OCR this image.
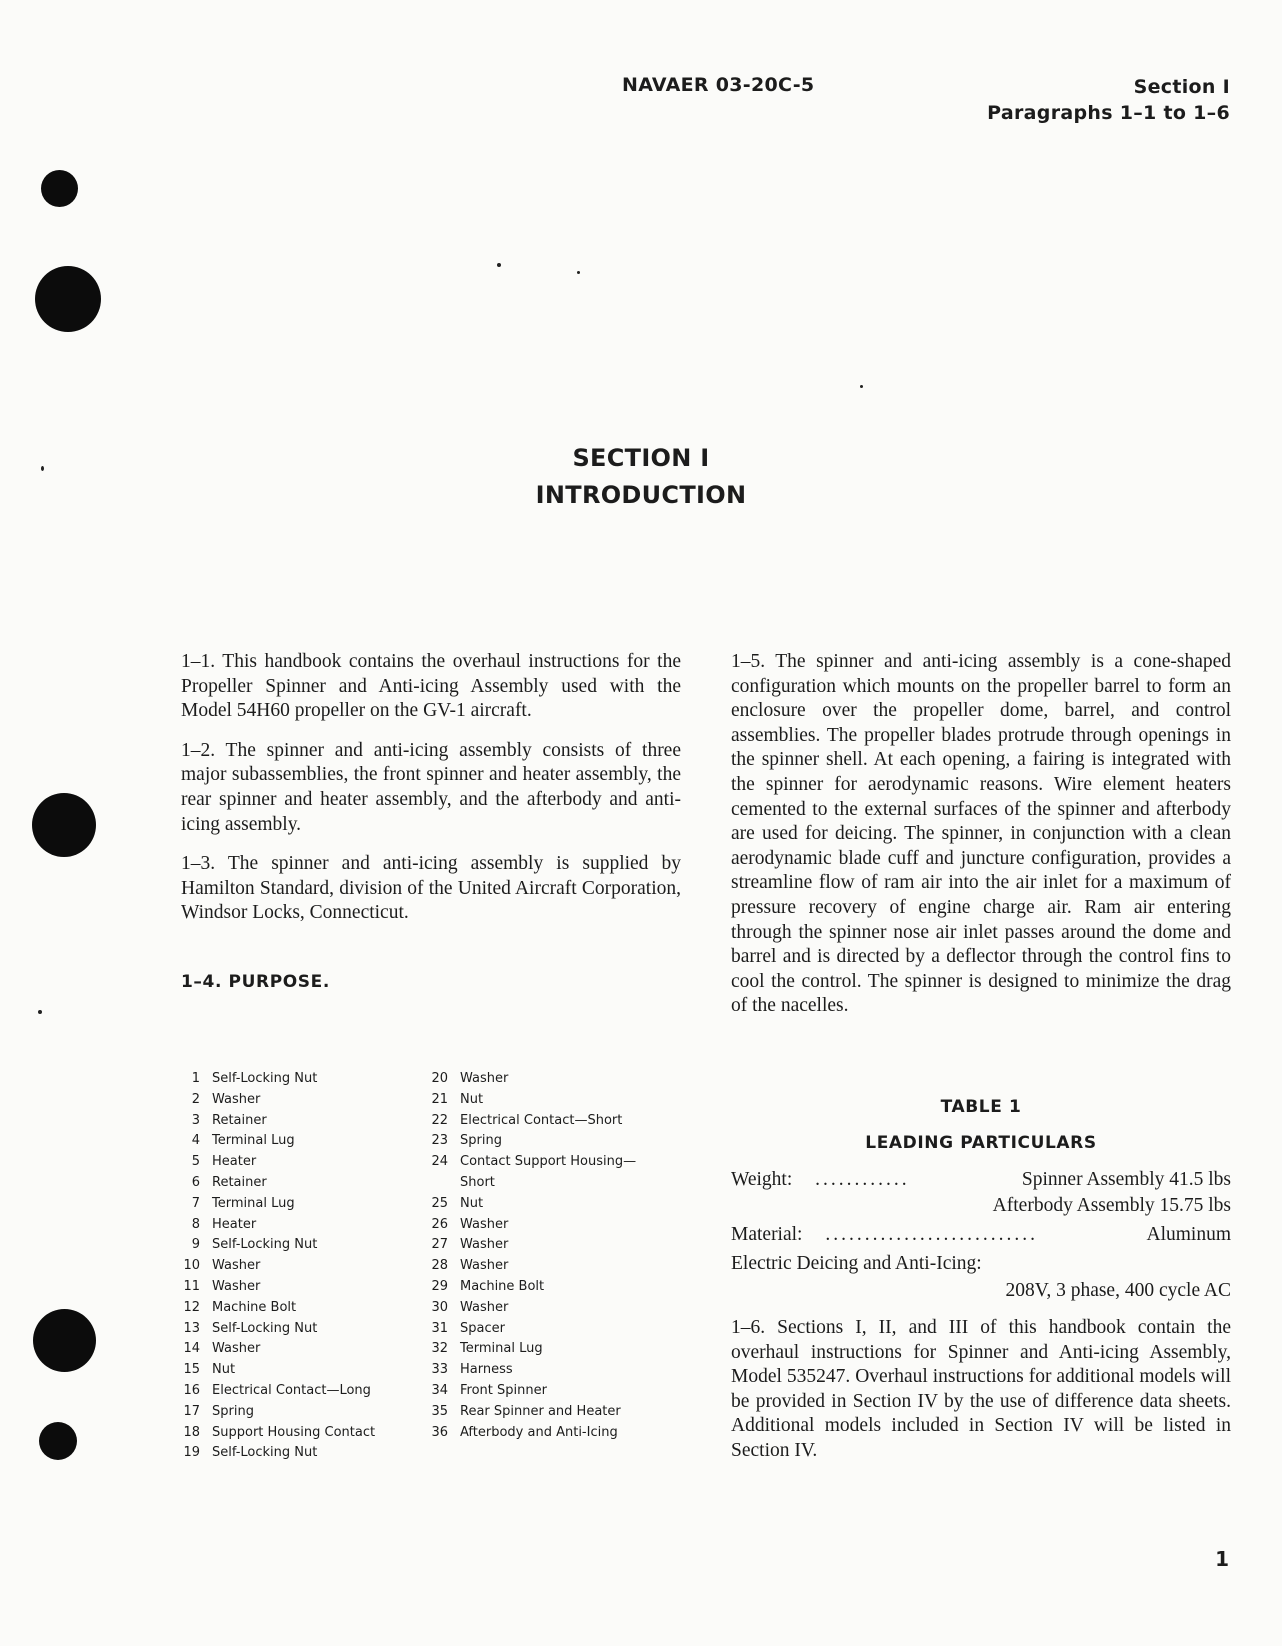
NAVAER 03-20C-5	Section I
Paragraphs 1–1 to 1–6
SECTION I
INTRODUCTION

1–1. This handbook contains the overhaul instructions for the Propeller Spinner and Anti-icing Assembly used with the Model 54H60 propeller on the GV-1 aircraft.

1–2. The spinner and anti-icing assembly consists of three major subassemblies, the front spinner and heater assembly, the rear spinner and heater assembly, and the afterbody and anti-icing assembly.

1–3. The spinner and anti-icing assembly is supplied by Hamilton Standard, division of the United Aircraft Corporation, Windsor Locks, Connecticut.

1–4. PURPOSE.
1 Self-Locking Nut
2 Washer
3 Retainer
4 Terminal Lug
5 Heater
6 Retainer
7 Terminal Lug
8 Heater
9 Self-Locking Nut
10 Washer
11 Washer
12 Machine Bolt
13 Self-Locking Nut
14 Washer
15 Nut
16 Electrical Contact—Long
17 Spring
18 Support Housing Contact
19 Self-Locking Nut
20 Washer
21 Nut
22 Electrical Contact—Short
23 Spring
24 Contact Support Housing—
Short
25 Nut
26 Washer
27 Washer
28 Washer
29 Machine Bolt
30 Washer
31 Spacer
32 Terminal Lug
33 Harness
34 Front Spinner
35 Rear Spinner and Heater
36 Afterbody and Anti-Icing

1–5. The spinner and anti-icing assembly is a cone-shaped configuration which mounts on the propeller barrel to form an enclosure over the propeller dome, barrel, and control assemblies. The propeller blades protrude through openings in the spinner shell. At each opening, a fairing is integrated with the spinner for aerodynamic reasons. Wire element heaters cemented to the external surfaces of the spinner and afterbody are used for deicing. The spinner, in conjunction with a clean aerodynamic blade cuff and juncture configuration, provides a streamline flow of ram air into the air inlet for a maximum of pressure recovery of engine charge air. Ram air entering through the spinner nose air inlet passes around the dome and barrel and is directed by a deflector through the control fins to cool the control. The spinner is designed to minimize the drag of the nacelles.

TABLE 1
LEADING PARTICULARS
Weight: ............	Spinner Assembly 41.5 lbs
Afterbody Assembly 15.75 lbs
Material: ...........................	Aluminum
Electric Deicing and Anti-Icing:
208V, 3 phase, 400 cycle AC

1–6. Sections I, II, and III of this handbook contain the overhaul instructions for Spinner and Anti-icing Assembly, Model 535247. Overhaul instructions for additional models will be provided in Section IV by the use of difference data sheets. Additional models included in Section IV will be listed in Section IV.

1
